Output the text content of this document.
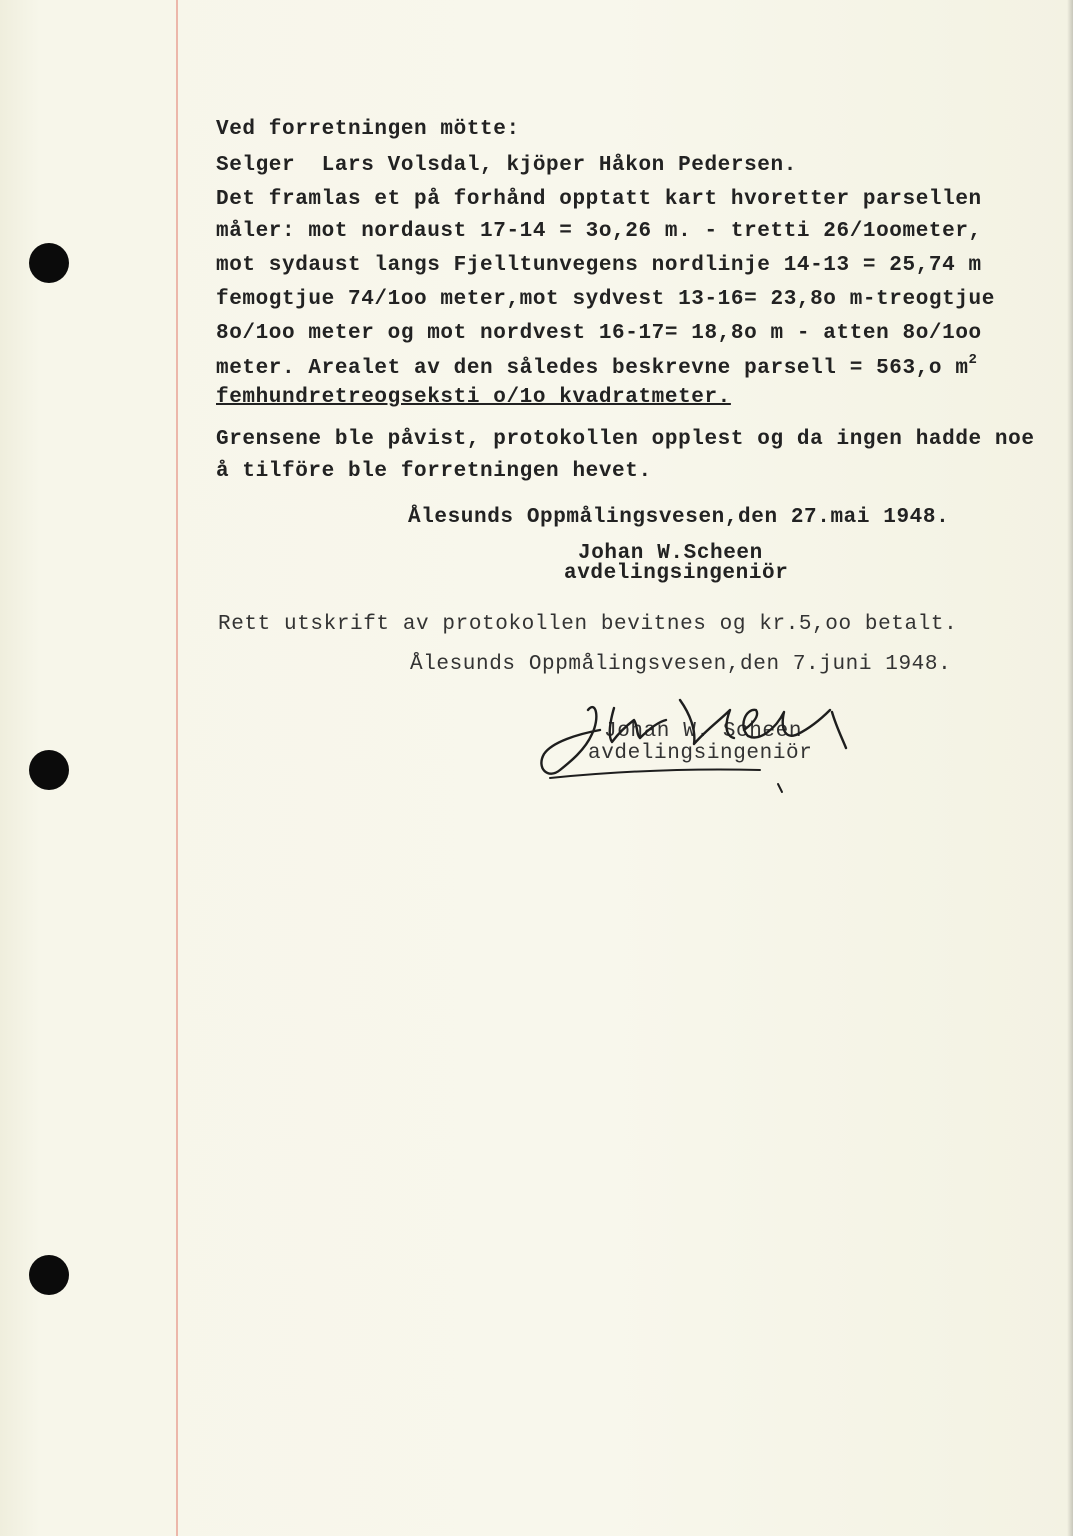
Ved forretningen mötte:
Selger  Lars Volsdal, kjöper Håkon Pedersen.
Det framlas et på forhånd opptatt kart hvoretter parsellen
måler: mot nordaust 17-14 = 3o,26 m. - tretti 26/1oometer,
mot sydaust langs Fjelltunvegens nordlinje 14-13 = 25,74 m
femogtjue 74/1oo meter,mot sydvest 13-16= 23,8o m-treogtjue
8o/1oo meter og mot nordvest 16-17= 18,8o m - atten 8o/1oo
meter. Arealet av den således beskrevne parsell = 563,o $m^2$
femhundretreogseksti o/1o kvadratmeter.
Grensene ble påvist, protokollen opplest og da ingen hadde noe
å tilföre ble forretningen hevet.
Ålesunds Oppmålingsvesen,den 27.mai 1948.
Johan W.Scheen
avdelingsingeniör
Rett utskrift av protokollen bevitnes og kr.5,oo betalt.
Ålesunds Oppmålingsvesen,den 7.juni 1948.
Johan W. Scheen
avdelingsingeniör
